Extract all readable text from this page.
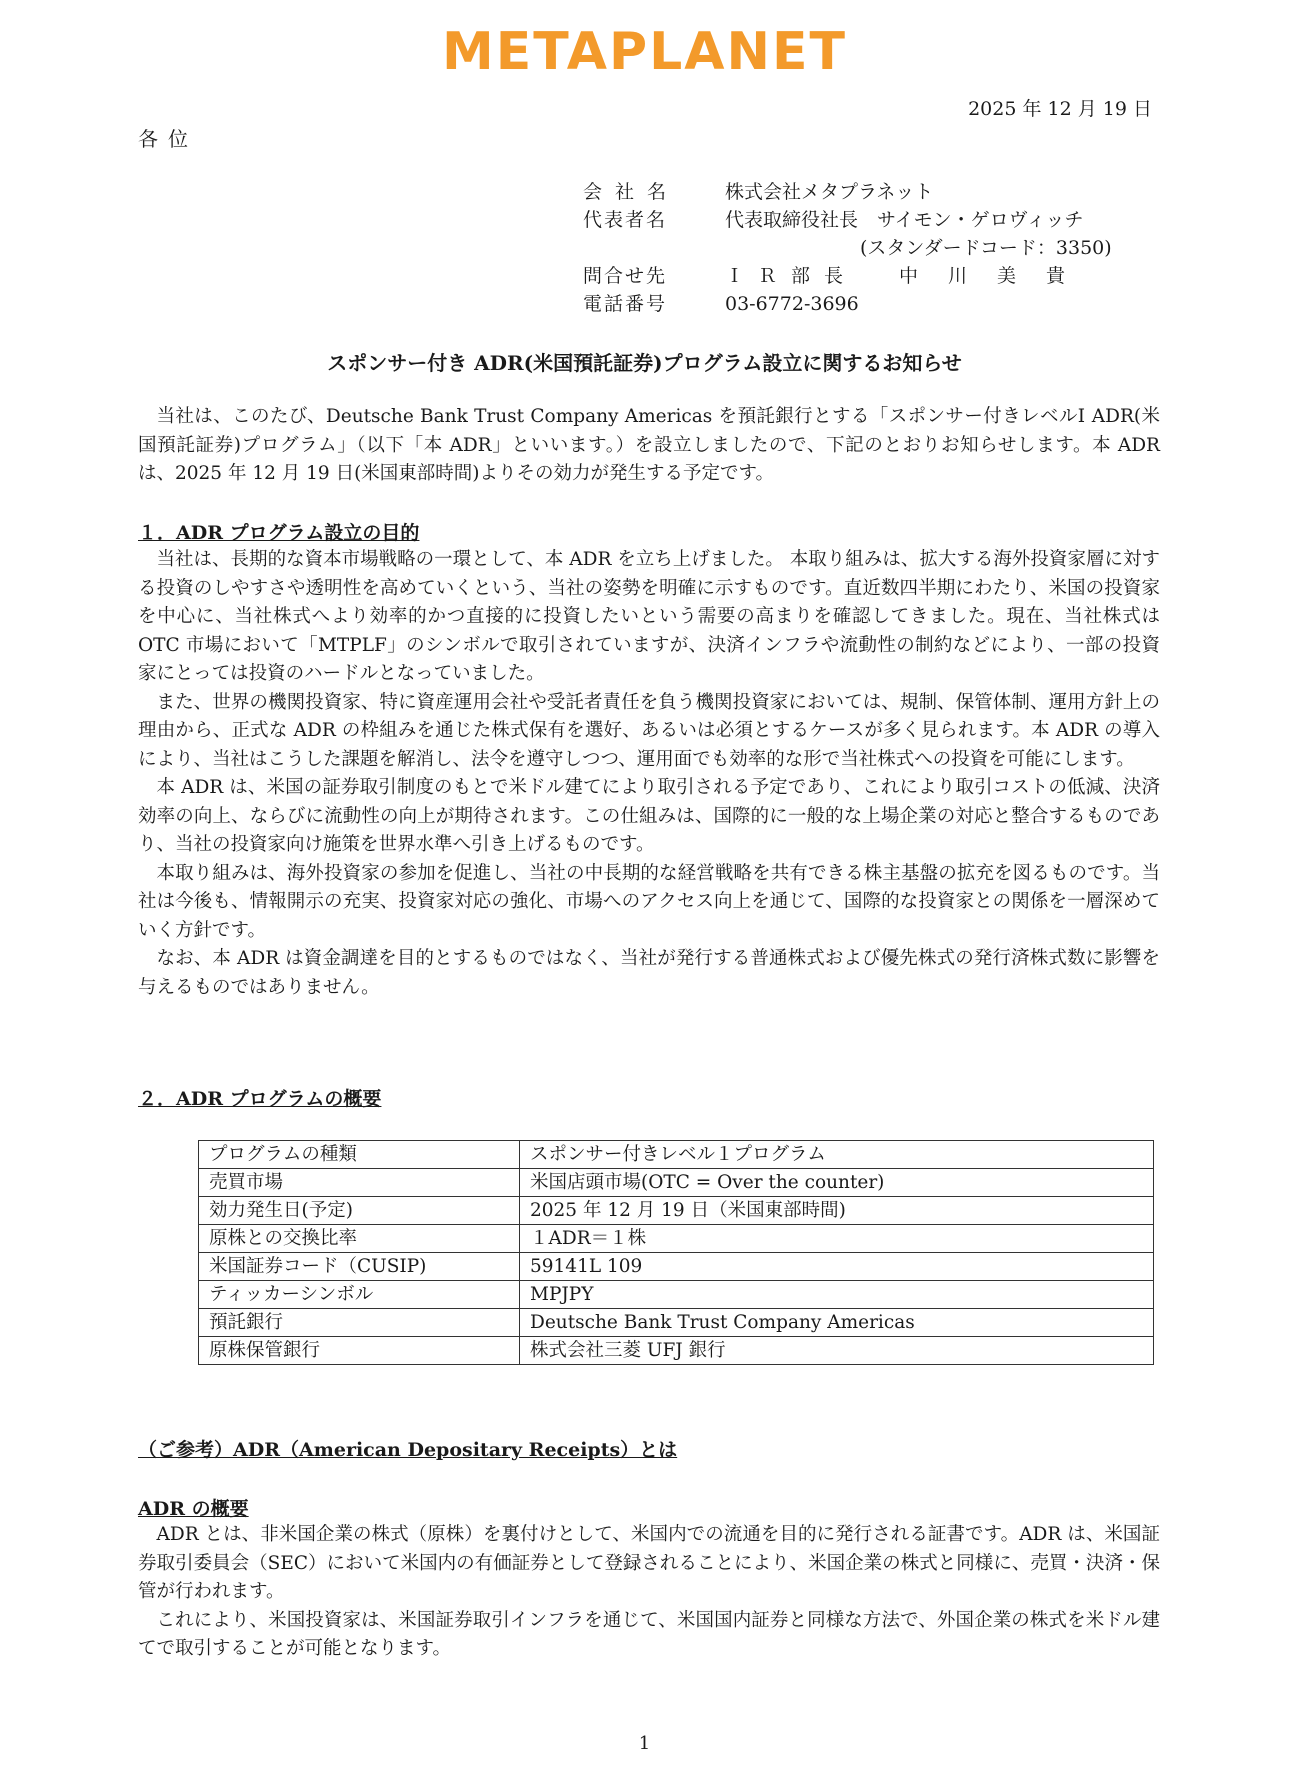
METAPLANET
2025 年 12 月 19 日
各位
会社名	株式会社メタプラネット
代表者名	代表取締役社長　サイモン・ゲロヴィッチ
(スタンダードコード：3350)
問合せ先	ＩＲ部長	中川美貴
電話番号	03-6772-3696
スポンサー付き ADR(米国預託証券)プログラム設立に関するお知らせ

当社は、このたび、Deutsche Bank Trust Company Americas を預託銀行とする「スポンサー付きレベルⅠ ADR(米国預託証券)プログラム」（以下「本 ADR」といいます。）を設立しましたので、下記のとおりお知らせします。本 ADR は、2025 年 12 月 19 日(米国東部時間)よりその効力が発生する予定です。

１．ADR プログラム設立の目的

当社は、長期的な資本市場戦略の一環として、本 ADR を立ち上げました。 本取り組みは、拡大する海外投資家層に対する投資のしやすさや透明性を高めていくという、当社の姿勢を明確に示すものです。直近数四半期にわたり、米国の投資家を中心に、当社株式へより効率的かつ直接的に投資したいという需要の高まりを確認してきました。現在、当社株式は OTC 市場において「MTPLF」のシンボルで取引されていますが、決済インフラや流動性の制約などにより、一部の投資家にとっては投資のハードルとなっていました。

また、世界の機関投資家、特に資産運用会社や受託者責任を負う機関投資家においては、規制、保管体制、運用方針上の理由から、正式な ADR の枠組みを通じた株式保有を選好、あるいは必須とするケースが多く見られます。本 ADR の導入により、当社はこうした課題を解消し、法令を遵守しつつ、運用面でも効率的な形で当社株式への投資を可能にします。

本 ADR は、米国の証券取引制度のもとで米ドル建てにより取引される予定であり、これにより取引コストの低減、決済効率の向上、ならびに流動性の向上が期待されます。この仕組みは、国際的に一般的な上場企業の対応と整合するものであり、当社の投資家向け施策を世界水準へ引き上げるものです。

本取り組みは、海外投資家の参加を促進し、当社の中長期的な経営戦略を共有できる株主基盤の拡充を図るものです。当社は今後も、情報開示の充実、投資家対応の強化、市場へのアクセス向上を通じて、国際的な投資家との関係を一層深めていく方針です。

なお、本 ADR は資金調達を目的とするものではなく、当社が発行する普通株式および優先株式の発行済株式数に影響を与えるものではありません。

２．ADR プログラムの概要
プログラムの種類	スポンサー付きレベル１プログラム
売買市場	米国店頭市場(OTC = Over the counter)
効力発生日(予定)	2025 年 12 月 19 日（米国東部時間)
原株との交換比率	１ADR＝１株
米国証券コード（CUSIP)	59141L 109
ティッカーシンボル	MPJPY
預託銀行	Deutsche Bank Trust Company Americas
原株保管銀行	株式会社三菱 UFJ 銀行
（ご参考）ADR（American Depositary Receipts）とは
ADR の概要

ADR とは、非米国企業の株式（原株）を裏付けとして、米国内での流通を目的に発行される証書です。ADR は、米国証券取引委員会（SEC）において米国内の有価証券として登録されることにより、米国企業の株式と同様に、売買・決済・保管が行われます。

これにより、米国投資家は、米国証券取引インフラを通じて、米国国内証券と同様な方法で、外国企業の株式を米ドル建てで取引することが可能となります。

1
